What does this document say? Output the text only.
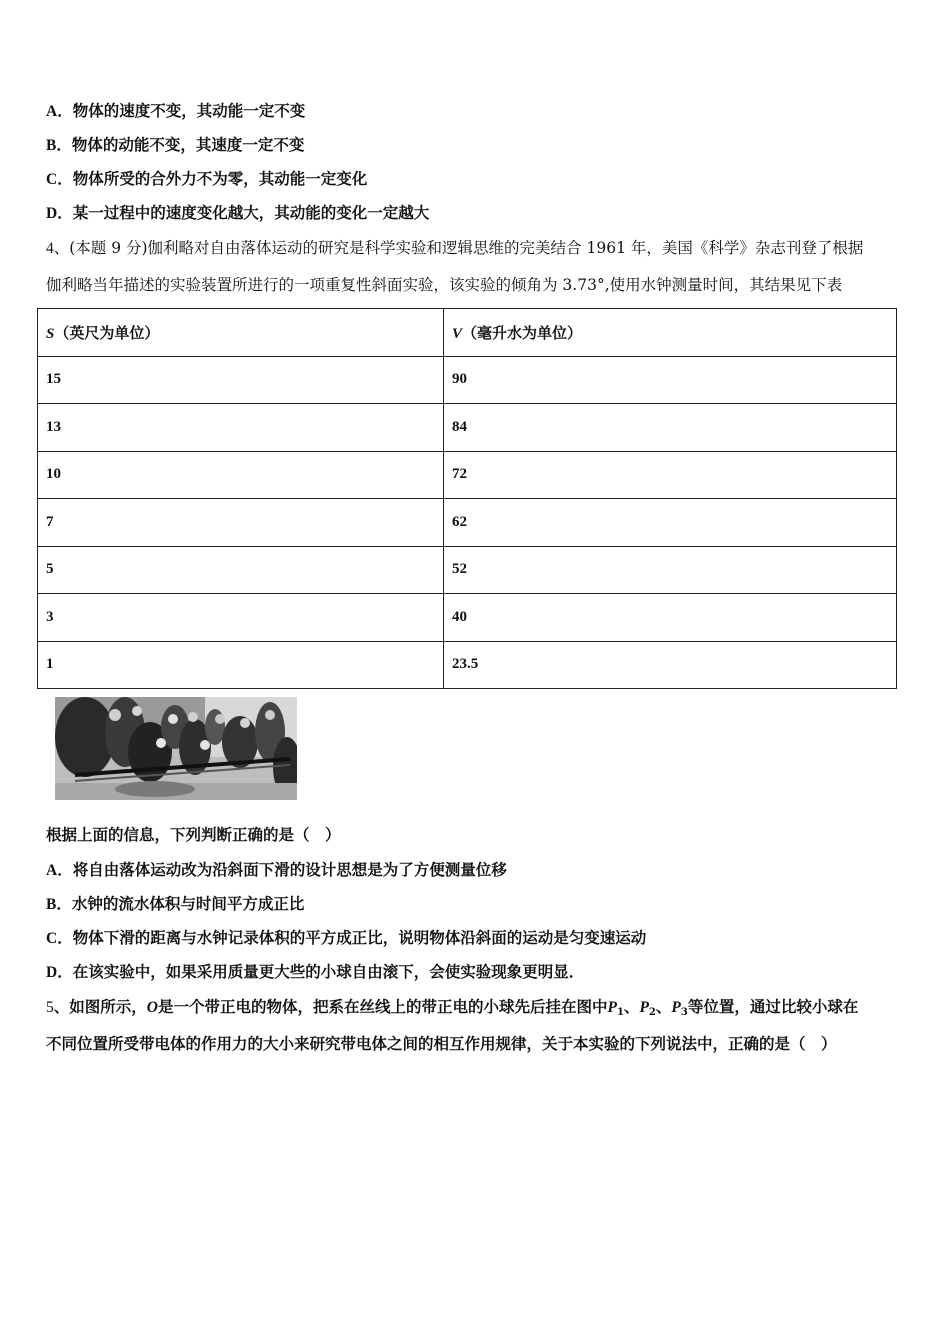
A．物体的速度不变，其动能一定不变
B．物体的动能不变，其速度一定不变
C．物体所受的合外力不为零，其动能一定变化
D．某一过程中的速度变化越大，其动能的变化一定越大
4、(本题 9 分)伽利略对自由落体运动的研究是科学实验和逻辑思维的完美结合 1961 年，美国《科学》杂志刊登了根据
伽利略当年描述的实验装置所进行的一项重复性斜面实验，该实验的倾角为 3.73°,使用水钟测量时间，其结果见下表
S（英尺为单位）	V（毫升水为单位）
15	90
13	84
10	72
7	62
5	52
3	40
1	23.5
根据上面的信息，下列判断正确的是（　）
A．将自由落体运动改为沿斜面下滑的设计思想是为了方便测量位移
B．水钟的流水体积与时间平方成正比
C．物体下滑的距离与水钟记录体积的平方成正比，说明物体沿斜面的运动是匀变速运动
D．在该实验中，如果采用质量更大些的小球自由滚下，会使实验现象更明显．
5、如图所示，O是一个带正电的物体，把系在丝线上的带正电的小球先后挂在图中$P_1$、$P_2$、$P_3$等位置，通过比较小球在
不同位置所受带电体的作用力的大小来研究带电体之间的相互作用规律，关于本实验的下列说法中，正确的是（　）
